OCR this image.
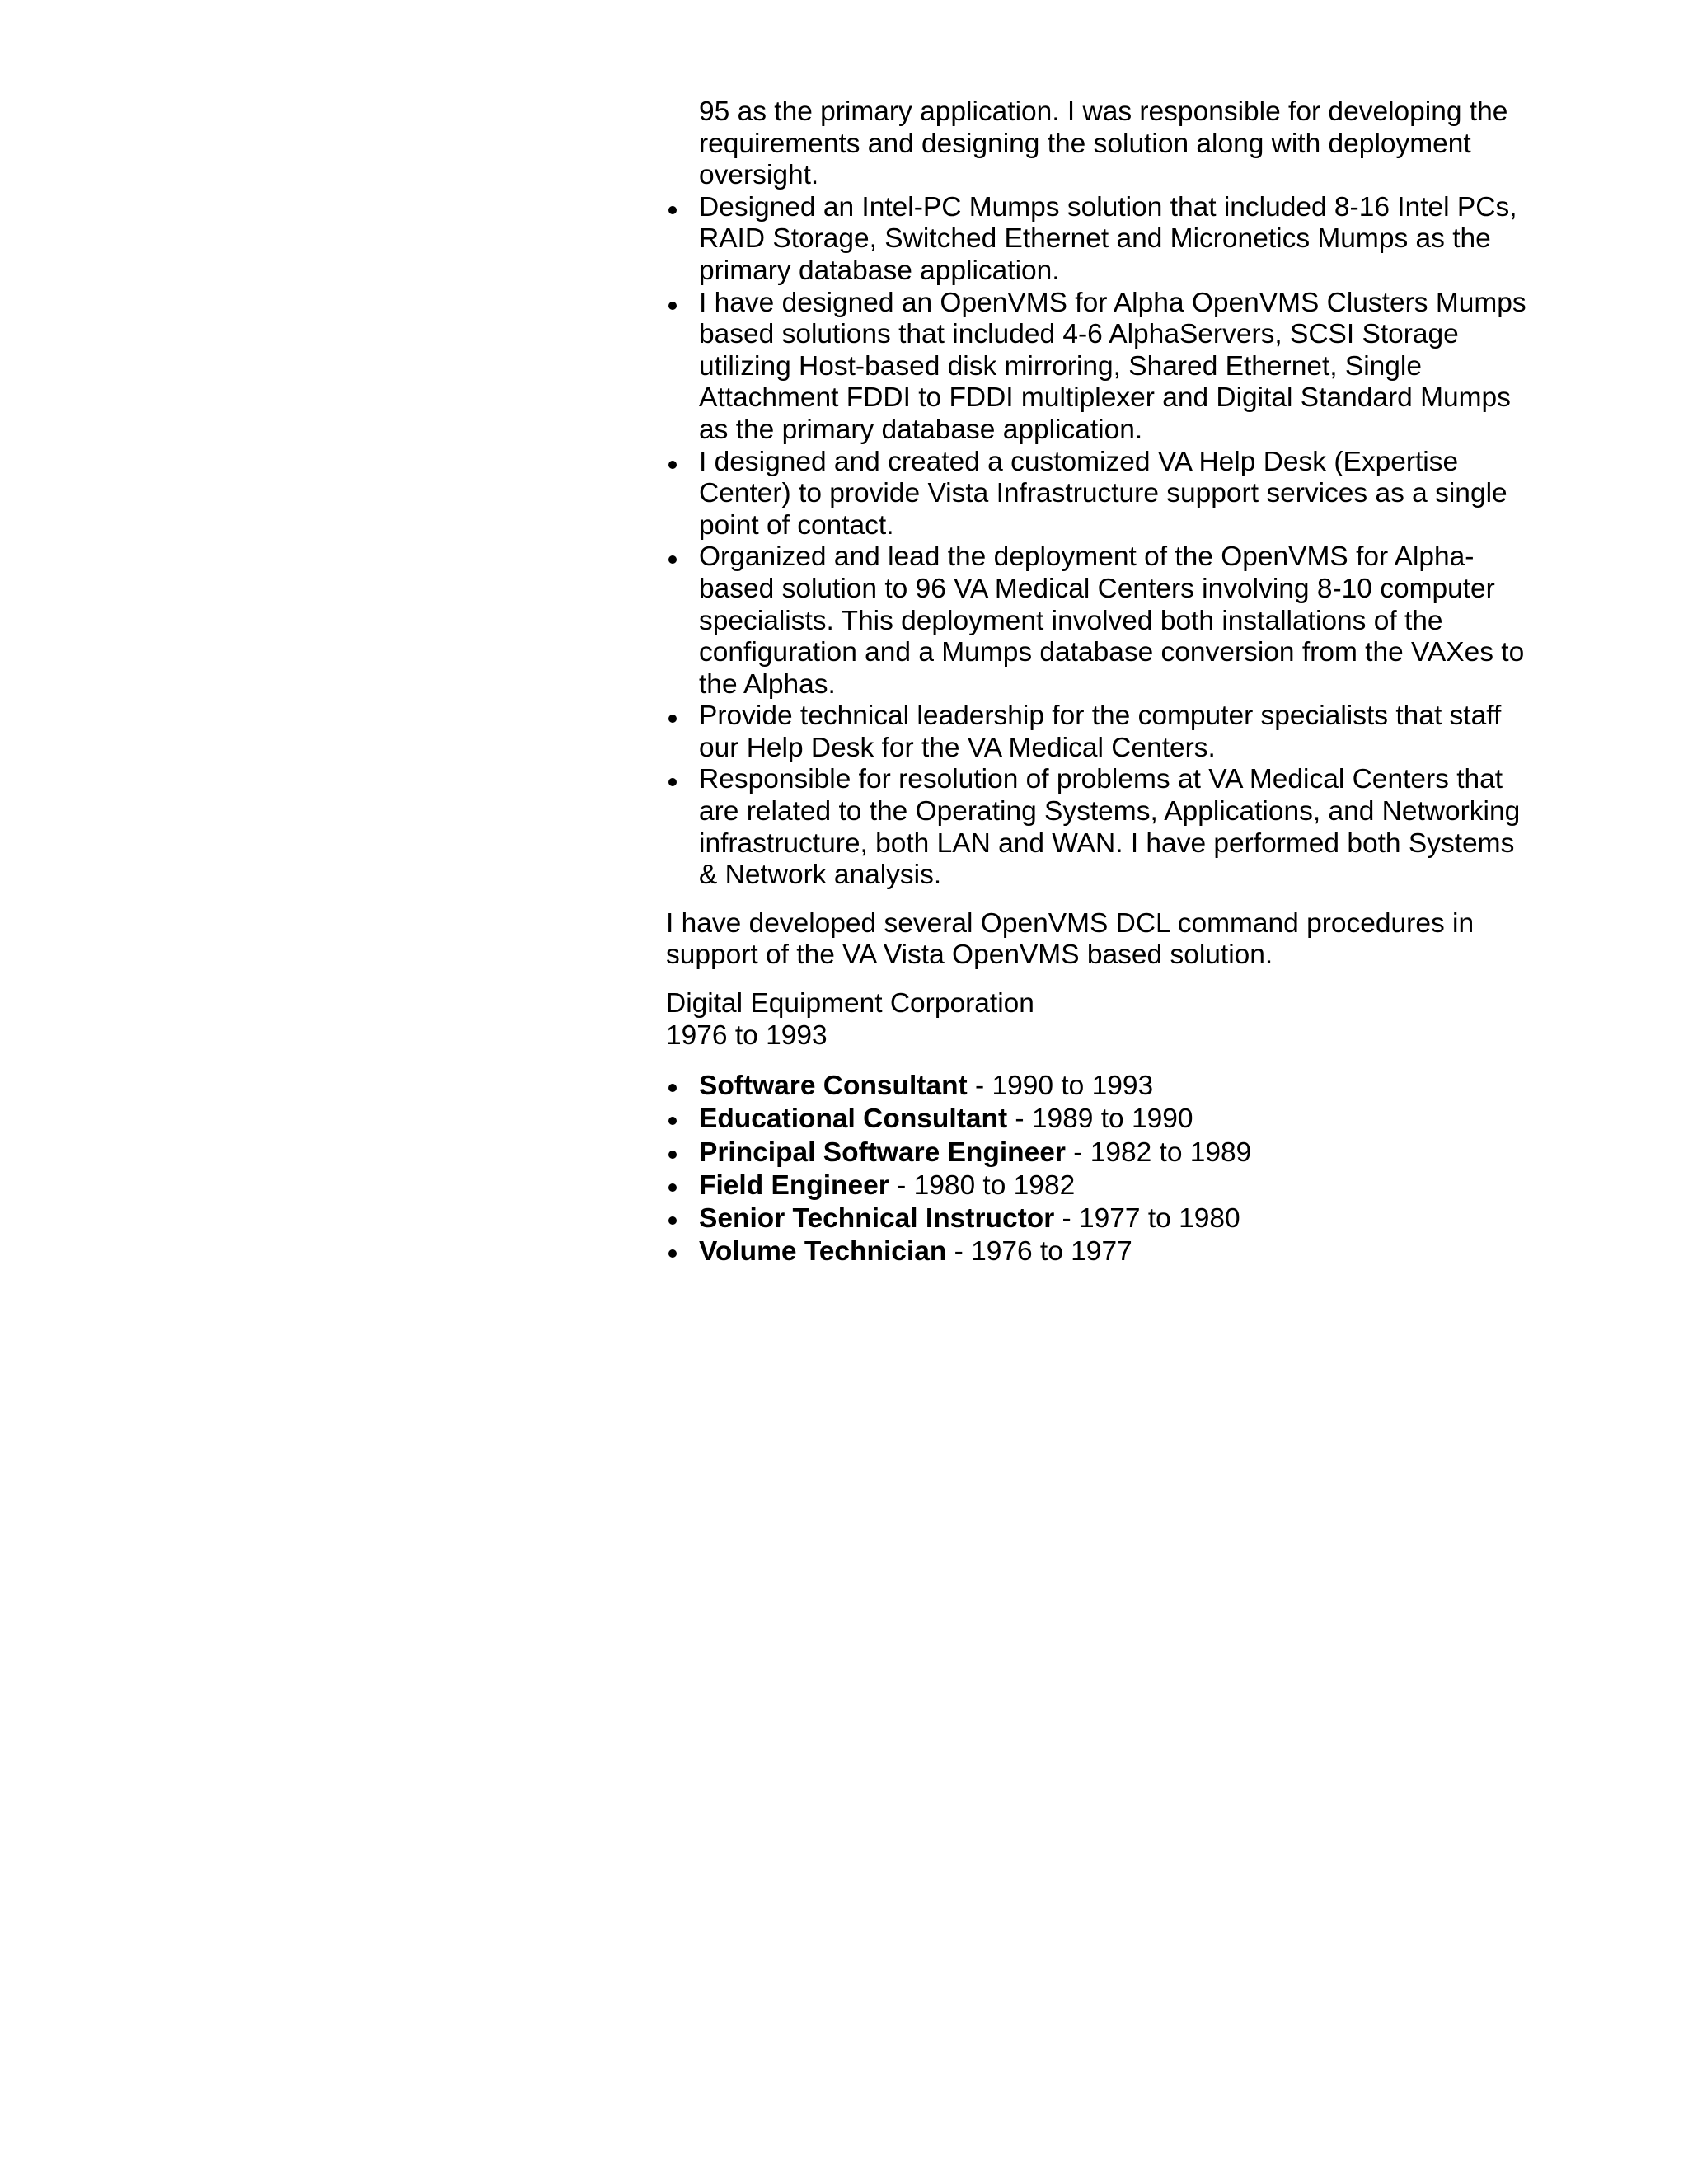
95 as the primary application. I was responsible for developing the requirements and designing the solution along with deployment oversight.

Designed an Intel-PC Mumps solution that included 8-16 Intel PCs, RAID Storage, Switched Ethernet and Micronetics Mumps as the primary database application.
I have designed an OpenVMS for Alpha OpenVMS Clusters Mumps based solutions that included 4-6 AlphaServers, SCSI Storage utilizing Host-based disk mirroring, Shared Ethernet, Single Attachment FDDI to FDDI multiplexer and Digital Standard Mumps as the primary database application.
I designed and created a customized VA Help Desk (Expertise Center) to provide Vista Infrastructure support services as a single point of contact.
Organized and lead the deployment of the OpenVMS for Alpha-based solution to 96 VA Medical Centers involving 8-10 computer specialists. This deployment involved both installations of the configuration and a Mumps database conversion from the VAXes to the Alphas.
Provide technical leadership for the computer specialists that staff our Help Desk for the VA Medical Centers.
Responsible for resolution of problems at VA Medical Centers that are related to the Operating Systems, Applications, and Networking infrastructure, both LAN and WAN. I have performed both Systems & Network analysis.

I have developed several OpenVMS DCL command procedures in support of the VA Vista OpenVMS based solution.

Digital Equipment Corporation
1976 to 1993
Software Consultant - 1990 to 1993
Educational Consultant - 1989 to 1990
Principal Software Engineer - 1982 to 1989
Field Engineer - 1980 to 1982
Senior Technical Instructor - 1977 to 1980
Volume Technician - 1976 to 1977
